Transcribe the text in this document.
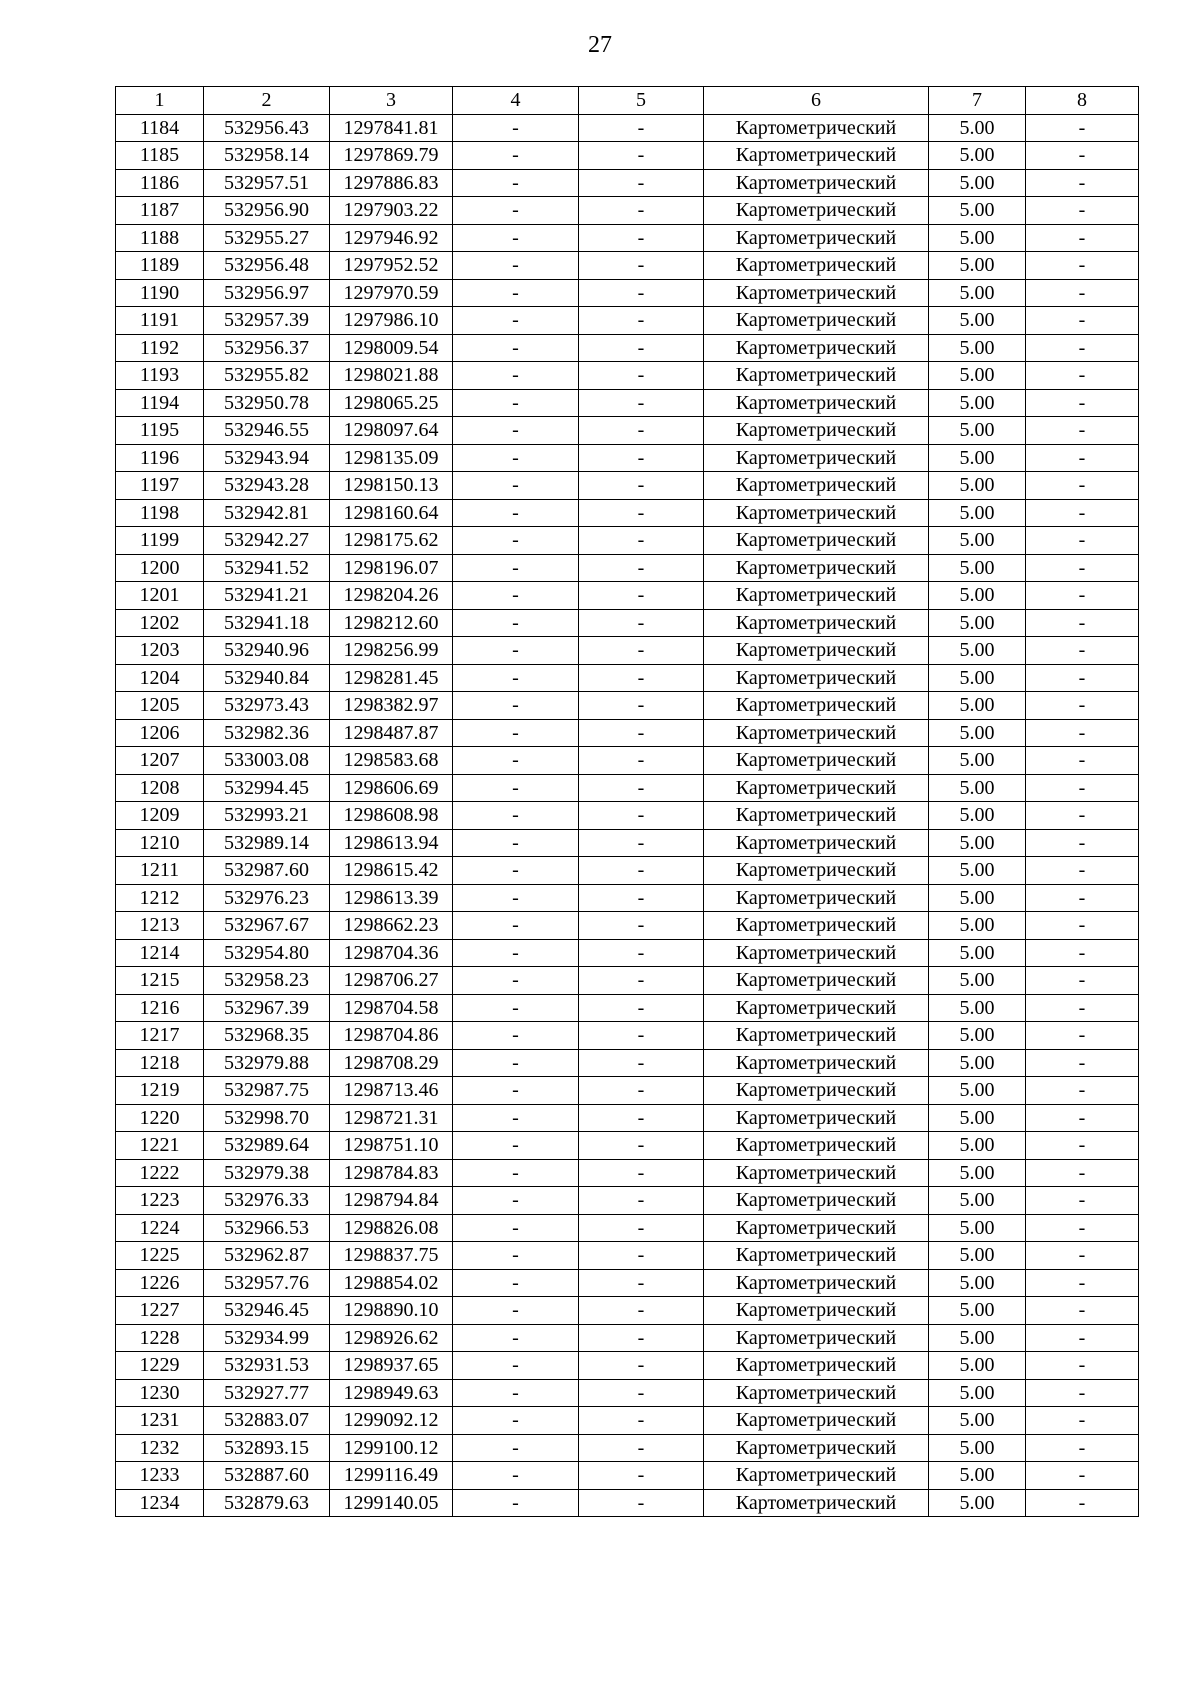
27
1	2	3	4	5	6	7	8
1184	532956.43	1297841.81	-	-	Картометрический	5.00	-
1185	532958.14	1297869.79	-	-	Картометрический	5.00	-
1186	532957.51	1297886.83	-	-	Картометрический	5.00	-
1187	532956.90	1297903.22	-	-	Картометрический	5.00	-
1188	532955.27	1297946.92	-	-	Картометрический	5.00	-
1189	532956.48	1297952.52	-	-	Картометрический	5.00	-
1190	532956.97	1297970.59	-	-	Картометрический	5.00	-
1191	532957.39	1297986.10	-	-	Картометрический	5.00	-
1192	532956.37	1298009.54	-	-	Картометрический	5.00	-
1193	532955.82	1298021.88	-	-	Картометрический	5.00	-
1194	532950.78	1298065.25	-	-	Картометрический	5.00	-
1195	532946.55	1298097.64	-	-	Картометрический	5.00	-
1196	532943.94	1298135.09	-	-	Картометрический	5.00	-
1197	532943.28	1298150.13	-	-	Картометрический	5.00	-
1198	532942.81	1298160.64	-	-	Картометрический	5.00	-
1199	532942.27	1298175.62	-	-	Картометрический	5.00	-
1200	532941.52	1298196.07	-	-	Картометрический	5.00	-
1201	532941.21	1298204.26	-	-	Картометрический	5.00	-
1202	532941.18	1298212.60	-	-	Картометрический	5.00	-
1203	532940.96	1298256.99	-	-	Картометрический	5.00	-
1204	532940.84	1298281.45	-	-	Картометрический	5.00	-
1205	532973.43	1298382.97	-	-	Картометрический	5.00	-
1206	532982.36	1298487.87	-	-	Картометрический	5.00	-
1207	533003.08	1298583.68	-	-	Картометрический	5.00	-
1208	532994.45	1298606.69	-	-	Картометрический	5.00	-
1209	532993.21	1298608.98	-	-	Картометрический	5.00	-
1210	532989.14	1298613.94	-	-	Картометрический	5.00	-
1211	532987.60	1298615.42	-	-	Картометрический	5.00	-
1212	532976.23	1298613.39	-	-	Картометрический	5.00	-
1213	532967.67	1298662.23	-	-	Картометрический	5.00	-
1214	532954.80	1298704.36	-	-	Картометрический	5.00	-
1215	532958.23	1298706.27	-	-	Картометрический	5.00	-
1216	532967.39	1298704.58	-	-	Картометрический	5.00	-
1217	532968.35	1298704.86	-	-	Картометрический	5.00	-
1218	532979.88	1298708.29	-	-	Картометрический	5.00	-
1219	532987.75	1298713.46	-	-	Картометрический	5.00	-
1220	532998.70	1298721.31	-	-	Картометрический	5.00	-
1221	532989.64	1298751.10	-	-	Картометрический	5.00	-
1222	532979.38	1298784.83	-	-	Картометрический	5.00	-
1223	532976.33	1298794.84	-	-	Картометрический	5.00	-
1224	532966.53	1298826.08	-	-	Картометрический	5.00	-
1225	532962.87	1298837.75	-	-	Картометрический	5.00	-
1226	532957.76	1298854.02	-	-	Картометрический	5.00	-
1227	532946.45	1298890.10	-	-	Картометрический	5.00	-
1228	532934.99	1298926.62	-	-	Картометрический	5.00	-
1229	532931.53	1298937.65	-	-	Картометрический	5.00	-
1230	532927.77	1298949.63	-	-	Картометрический	5.00	-
1231	532883.07	1299092.12	-	-	Картометрический	5.00	-
1232	532893.15	1299100.12	-	-	Картометрический	5.00	-
1233	532887.60	1299116.49	-	-	Картометрический	5.00	-
1234	532879.63	1299140.05	-	-	Картометрический	5.00	-
